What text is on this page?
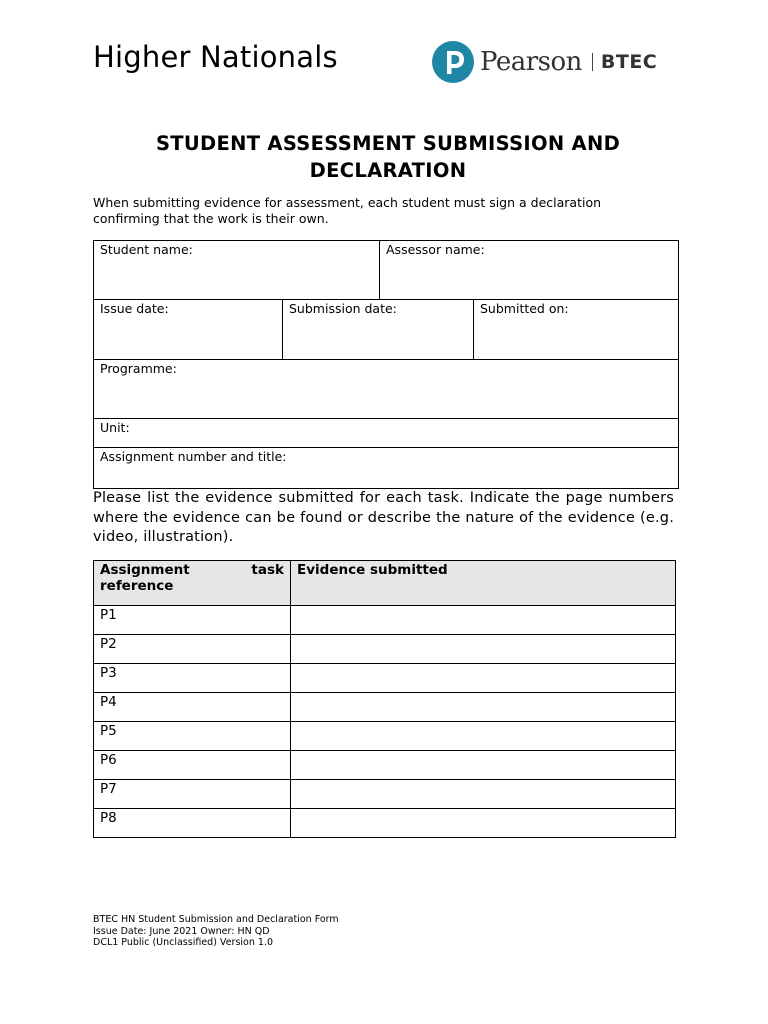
Higher Nationals	Pearson BTEC
STUDENT ASSESSMENT SUBMISSION AND
DECLARATION
When submitting evidence for assessment, each student must sign a declaration confirming that the work is their own.
Student name:		Assessor name:	

Issue date:	Submission date:		Submitted on:

Programme:			

Unit:			

Assignment number and title:			
Please list the evidence submitted for each task. Indicate the page numbers where the evidence can be found or describe the nature of the evidence (e.g. video, illustration).
Assignment task
reference	Evidence submitted
P1	
P2	
P3	
P4	
P5	
P6	
P7	
P8	
BTEC HN Student Submission and Declaration Form
Issue Date: June 2021 Owner: HN QD
DCL1 Public (Unclassified) Version 1.0
